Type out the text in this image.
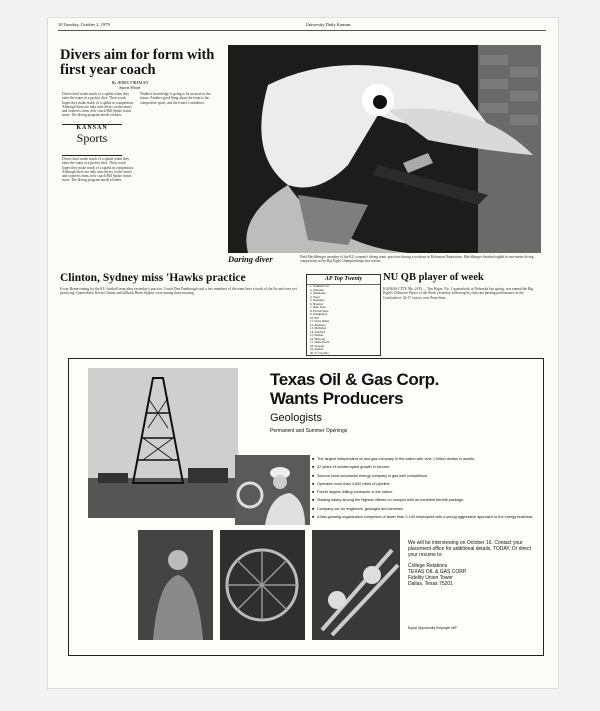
10 Tuesday, October 2, 1979	University Daily Kansan
Divers aim for form with first year coach
By JERRY FIREMAN
Sports Writer
Divers don't make much of a splash when they enter the water at a perfect dive. Their coach hopes they make much of a splash in competition. Although there are only nine divers on the men's and women's team, new coach Bill Spoke wants more. The diving program needs a leader.
KANSAN
Sports
Divers don't make much of a splash when they enter the water at a perfect dive. Their coach hopes they make much of a splash in competition. Although there are only nine divers on the men's and women's team, new coach Bill Spoke wants more. The diving program needs a leader.
Walker's knowledge is going to be an asset in the future. Another good thing about the team is the competitive spirit, and the team's confidence.
Daring diver	Patti Mechlberger, member of the KU women's diving team, practices during a workout in Robinson Natatorium. Mechlberger finished eighth in one-meter diving competition at the Big Eight Championships last season.
Clinton, Sydney miss 'Hawks practice
It was Homecoming for the KU football team after yesterday's practice. Coach Don Fambrough said a few members of the team have a touch of the flu and were not practicing. Quarterback Kevin Clinton and fullback Brent Sydney were among those missing.
AP Top Twenty
1. Southern Cal
2. Alabama
3. Oklahoma
4. Texas
5. Nebraska
6. Houston
7. Ohio State
8. Florida State
9. Washington
10. Pitt
11. Notre Dame
12. Arkansas
13. Michigan
14. Stanford
15. Purdue
16. Missouri
17. Wake Forest
18. Georgia
19. Auburn
20. N. Carolina
NU QB player of week
KANSAS CITY, Mo. (AP) — Tim Hager, No. 1 quarterback at Nebraska last spring, was named the Big Eight's Offensive Player of the Week yesterday following his first-rate passing performance in the Cornhuskers' 42-17 victory over Penn State.
Texas Oil & Gas Corp.
Wants Producers
Geologists
Permanent and Summer Openings
■ The largest independent oil and gas company in the nation with over 1 billion dollars in assets.
■ 22 years of uninterrupted growth in income.
■ Second most successful energy company in gas well completions.
■ Operates more than 4,600 miles of pipeline.
■ Fourth largest drilling contractor in the nation.
■ Starting salary among the highest offered on campus with an excellent benefit package.
■ Company car for engineers, geologist and landmen.
■ A fast-growing organization comprised of fewer than 2,100 employees with a young aggressive approach to the energy business.
We will be interviewing on October 16. Contact your placement office for additional details, TODAY. Or direct your resume to:
College Relations
TEXAS OIL & GAS CORP.
Fidelity Union Tower
Dallas, Texas 75201
Equal Opportunity Employer M/F
